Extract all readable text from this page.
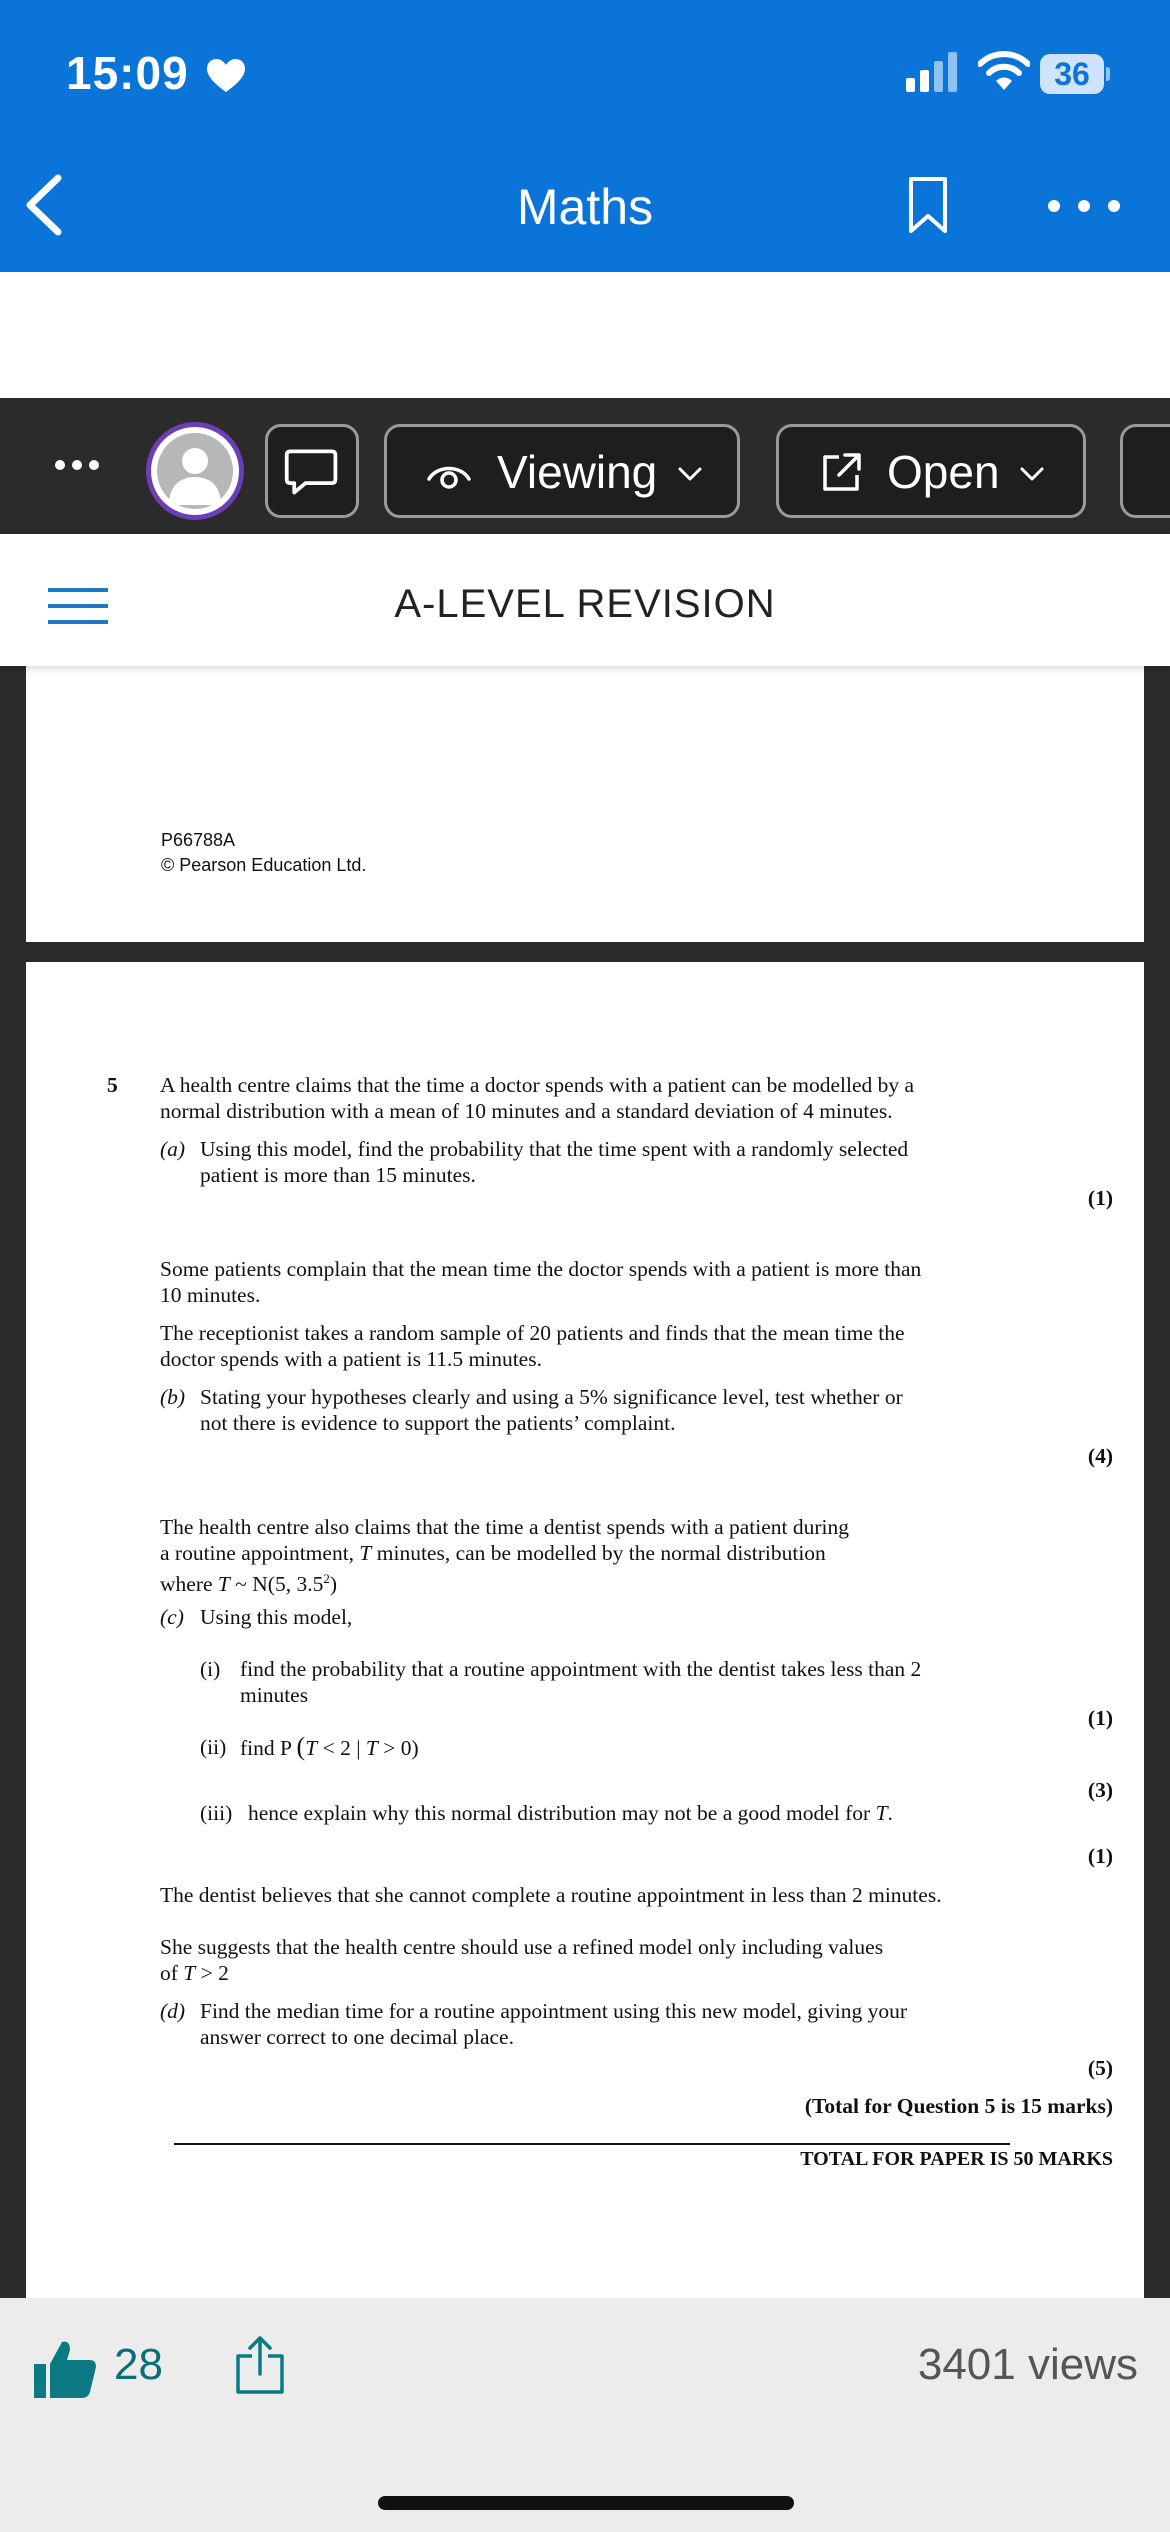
15:09	36
Maths
Viewing	Open
A-LEVEL REVISION
P66788A
© Pearson Education Ltd.
5 A health centre claims that the time a doctor spends with a patient can be modelled by a
normal distribution with a mean of 10 minutes and a standard deviation of 4 minutes.
(a) Using this model, find the probability that the time spent with a randomly selected
patient is more than 15 minutes.
(1)
Some patients complain that the mean time the doctor spends with a patient is more than
10 minutes.
The receptionist takes a random sample of 20 patients and finds that the mean time the
doctor spends with a patient is 11.5 minutes.
(b) Stating your hypotheses clearly and using a 5% significance level, test whether or
not there is evidence to support the patients’ complaint.
(4)
The health centre also claims that the time a dentist spends with a patient during
a routine appointment, T minutes, can be modelled by the normal distribution
where T ~ N(5, $3.5^2$)
(c) Using this model,
(i) find the probability that a routine appointment with the dentist takes less than 2
minutes
(1)
(ii) find P (T < 2 | T > 0)
(3)
(iii) hence explain why this normal distribution may not be a good model for T.
(1)
The dentist believes that she cannot complete a routine appointment in less than 2 minutes.
She suggests that the health centre should use a refined model only including values
of T > 2
(d) Find the median time for a routine appointment using this new model, giving your
answer correct to one decimal place.
(5)
(Total for Question 5 is 15 marks)
TOTAL FOR PAPER IS 50 MARKS
28	3401 views
